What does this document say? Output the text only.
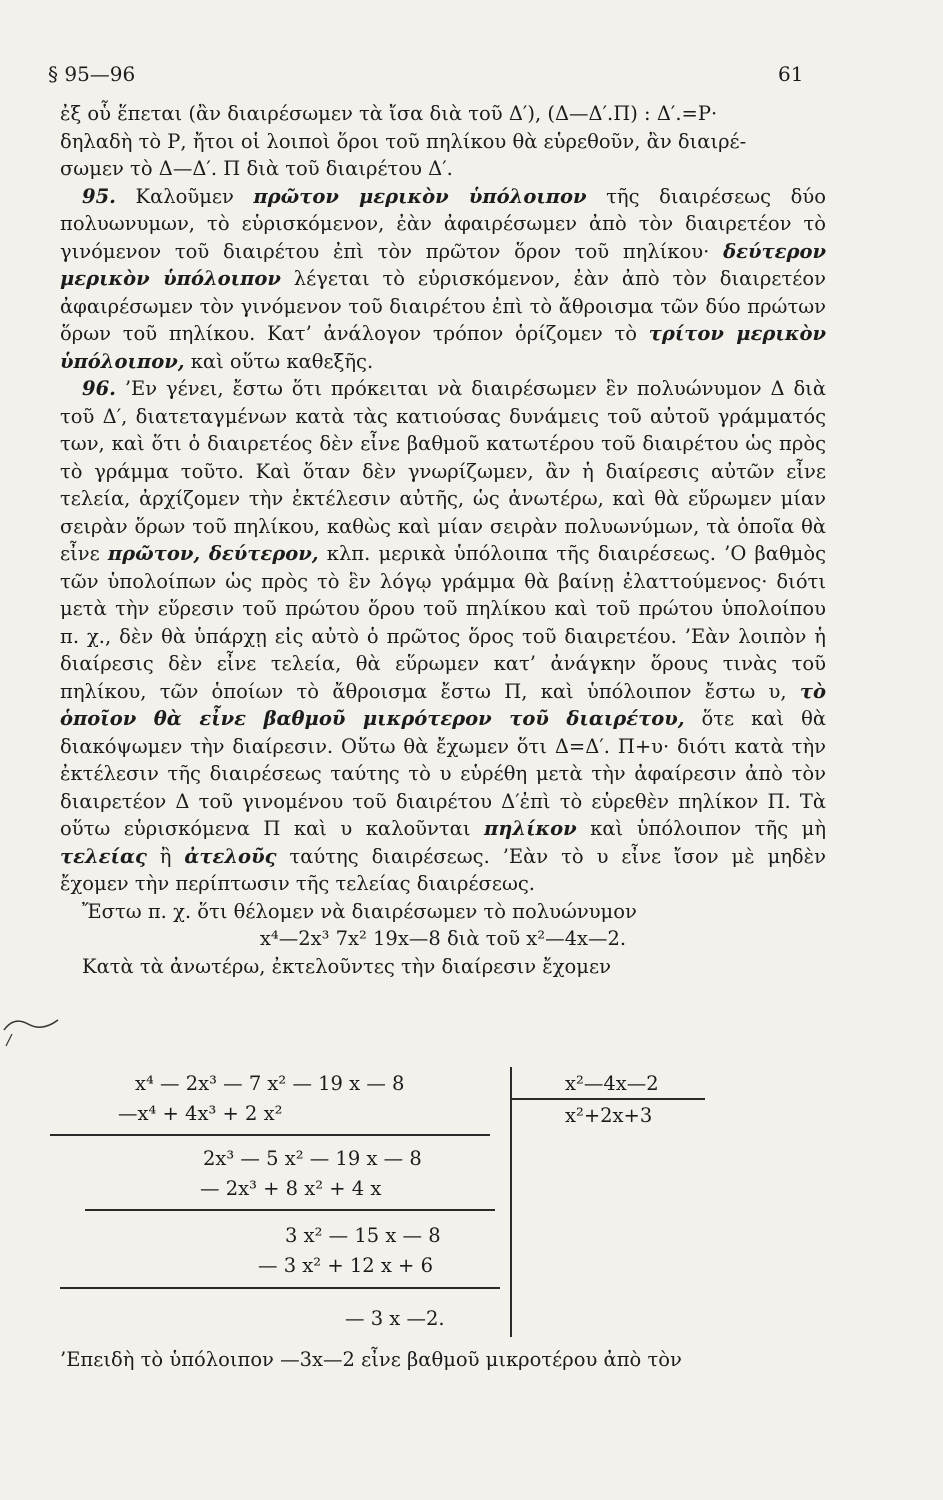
§ 95—96	61

ἐξ οὗ ἕπεται (ἂν διαιρέσωμεν τὰ ἴσα διὰ τοῦ Δ′), (Δ—Δ′.Π) : Δ′.=Ρ·

δηλαδὴ τὸ Ρ, ἤτοι οἱ λοιποὶ ὅροι τοῦ πηλίκου θὰ εὑρεθοῦν, ἂν διαιρέ-

σωμεν τὸ Δ—Δ′. Π διὰ τοῦ διαιρέτου Δ′.

95. Καλοῦμεν πρῶτον μερικὸν ὑπόλοιπον τῆς διαιρέσεως δύο πολυωνυμων, τὸ εὑρισκόμενον, ἐὰν ἀφαιρέσωμεν ἀπὸ τὸν διαιρετέον τὸ γινόμενον τοῦ διαιρέτου ἐπὶ τὸν πρῶτον ὅρον τοῦ πηλίκου· δεύτερον μερικὸν ὑπόλοιπον λέγεται τὸ εὑρισκόμενον, ἐὰν ἀπὸ τὸν διαιρετέον ἀφαιρέσωμεν τὸν γινόμενον τοῦ διαιρέτου ἐπὶ τὸ ἄθροισμα τῶν δύο πρώτων ὅρων τοῦ πηλίκου. Κατ’ ἀνάλογον τρόπον ὁρίζομεν τὸ τρίτον μερικὸν ὑπόλοιπον, καὶ οὕτω καθεξῆς.

96. ’Εν γένει, ἔστω ὅτι πρόκειται νὰ διαιρέσωμεν ἓν πολυώνυμον Δ διὰ τοῦ Δ′, διατεταγμένων κατὰ τὰς κατιούσας δυνάμεις τοῦ αὐτοῦ γράμματός των, καὶ ὅτι ὁ διαιρετέος δὲν εἶνε βαθμοῦ κατωτέρου τοῦ διαιρέτου ὡς πρὸς τὸ γράμμα τοῦτο. Καὶ ὅταν δὲν γνωρίζωμεν, ἂν ἡ διαίρεσις αὐτῶν εἶνε τελεία, ἀρχίζομεν τὴν ἐκτέλεσιν αὐτῆς, ὡς ἀνωτέρω, καὶ θὰ εὕρωμεν μίαν σειρὰν ὅρων τοῦ πηλίκου, καθὼς καὶ μίαν σειρὰν πολυωνύμων, τὰ ὁποῖα θὰ εἶνε πρῶτον, δεύτερον, κλπ. μερικὰ ὑπόλοιπα τῆς διαιρέσεως. ’Ο βαθμὸς τῶν ὑπολοίπων ὡς πρὸς τὸ ἓν λόγῳ γράμμα θὰ βαίνῃ ἐλαττούμενος· διότι μετὰ τὴν εὕρεσιν τοῦ πρώτου ὅρου τοῦ πηλίκου καὶ τοῦ πρώτου ὑπολοίπου π. χ., δὲν θὰ ὑπάρχῃ εἰς αὐτὸ ὁ πρῶτος ὅρος τοῦ διαιρετέου. ’Εὰν λοιπὸν ἡ διαίρεσις δὲν εἶνε τελεία, θὰ εὕρωμεν κατ’ ἀνάγκην ὅρους τινὰς τοῦ πηλίκου, τῶν ὁποίων τὸ ἄθροισμα ἔστω Π, καὶ ὑπόλοιπον ἔστω υ, τὸ ὁποῖον θὰ εἶνε βαθμοῦ μικρότερον τοῦ διαιρέτου, ὅτε καὶ θὰ διακόψωμεν τὴν διαίρεσιν. Οὕτω θὰ ἔχωμεν ὅτι Δ=Δ′. Π+υ· διότι κατὰ τὴν ἐκτέλεσιν τῆς διαιρέσεως ταύτης τὸ υ εὑρέθη μετὰ τὴν ἀφαίρεσιν ἀπὸ τὸν διαιρετέον Δ τοῦ γινομένου τοῦ διαιρέτου Δ′ἐπὶ τὸ εὑρεθὲν πηλίκον Π. Τὰ οὕτω εὑρισκόμενα Π καὶ υ καλοῦνται πηλίκον καὶ ὑπόλοιπον τῆς μὴ τελείας ἢ ἀτελοῦς ταύτης διαιρέσεως. ’Εὰν τὸ υ εἶνε ἴσον μὲ μηδὲν ἔχομεν τὴν περίπτωσιν τῆς τελείας διαιρέσεως.

Ἔστω π. χ. ὅτι θέλομεν νὰ διαιρέσωμεν τὸ πολυώνυμον

x⁴—2x³ 7x² 19x—8 διὰ τοῦ x²—4x—2.

Κατὰ τὰ ἀνωτέρω, ἐκτελοῦντες τὴν διαίρεσιν ἔχομεν

x⁴ — 2x³ — 7 x² — 19 x — 8
—x⁴ + 4x³ + 2 x²
2x³ — 5 x² — 19 x — 8
— 2x³ + 8 x² + 4 x
3 x² — 15 x — 8
— 3 x² + 12 x + 6
— 3 x —2.
x²—4x—2
x²+2x+3
’Επειδὴ τὸ ὑπόλοιπον —3x—2 εἶνε βαθμοῦ μικροτέρου ἀπὸ τὸν
